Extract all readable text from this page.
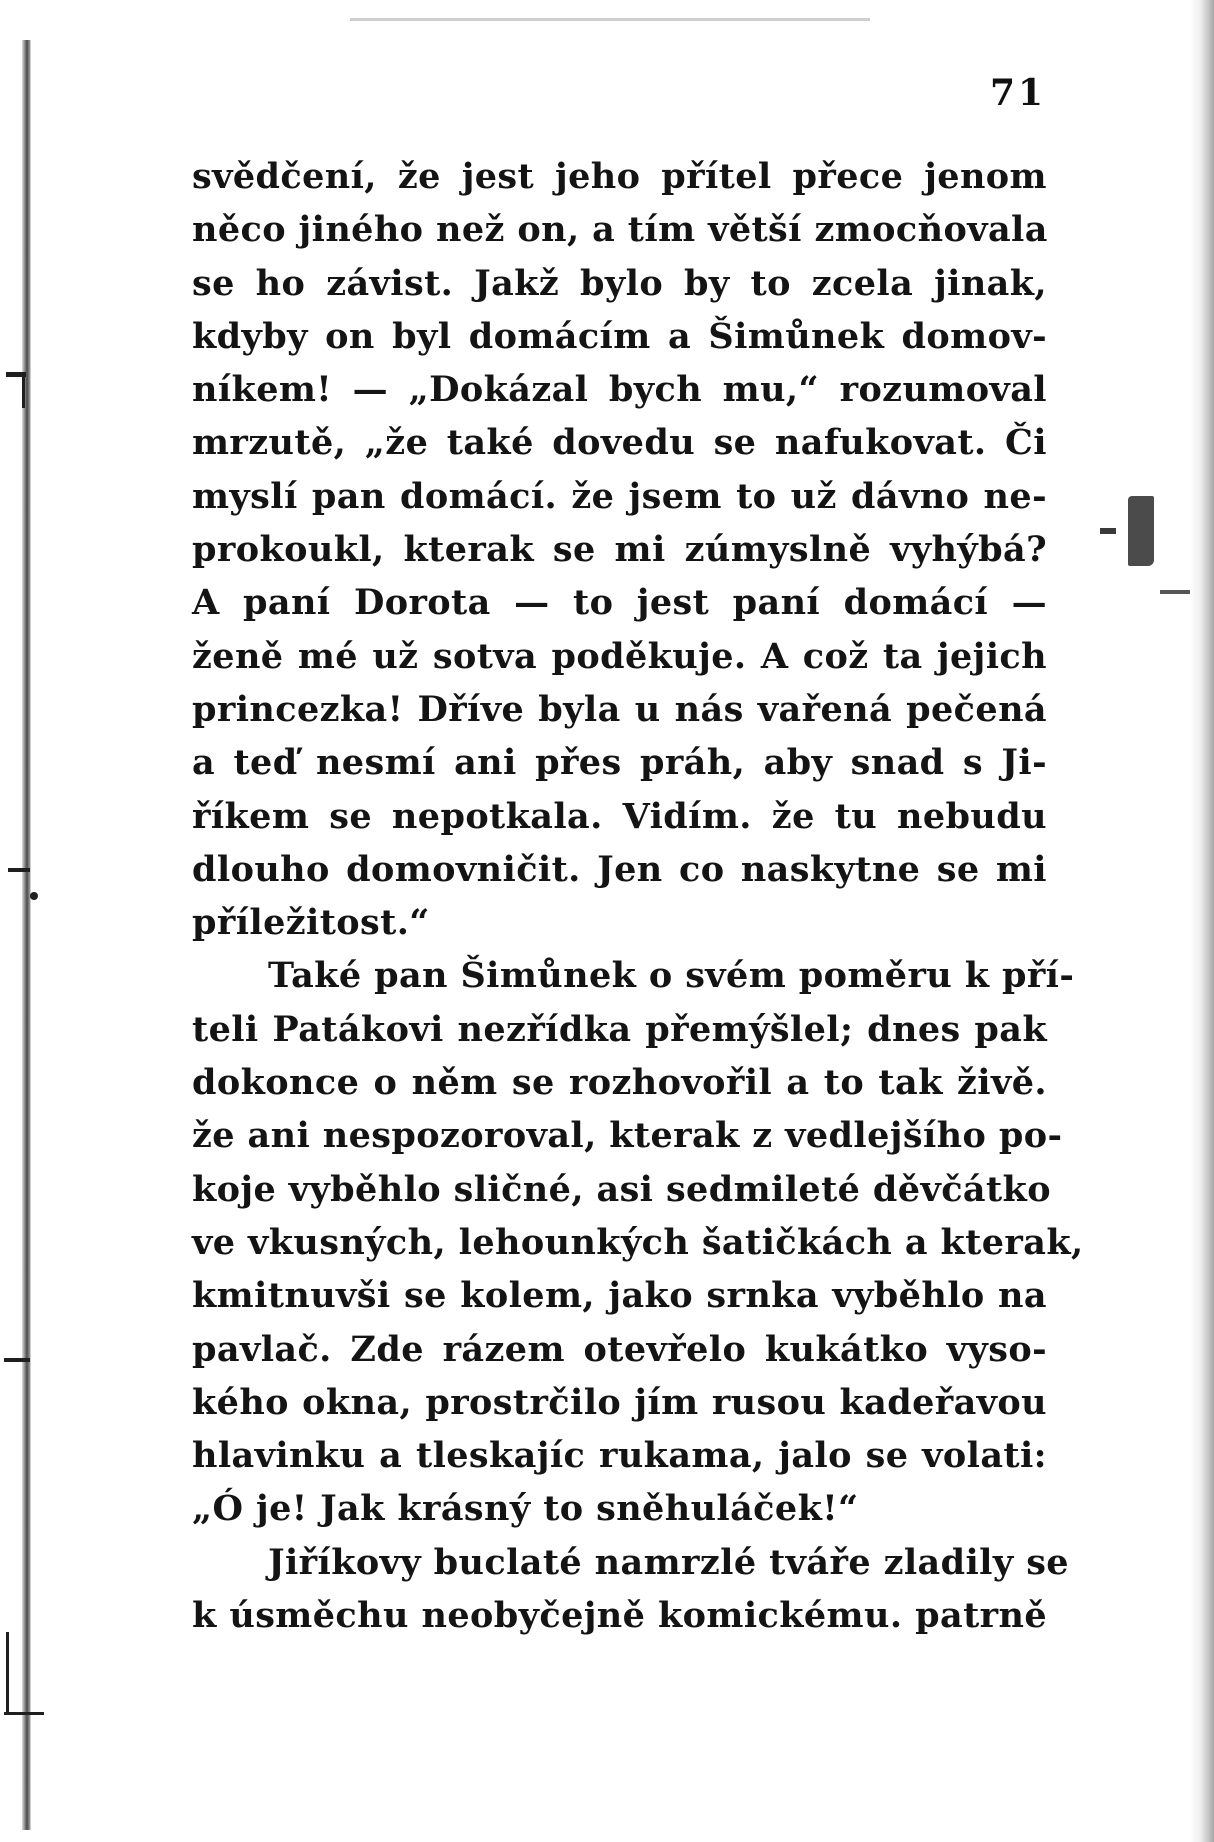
71
svědčení, že jest jeho přítel přece jenom
něco jiného než on, a tím větší zmocňovala
se ho závist. Jakž bylo by to zcela jinak,
kdyby on byl domácím a Šimůnek domov-
níkem! — „Dokázal bych mu,“ rozumoval
mrzutě, „že také dovedu se nafukovat. Či
myslí pan domácí. že jsem to už dávno ne-
prokoukl, kterak se mi zúmyslně vyhýbá?
A paní Dorota — to jest paní domácí —
ženě mé už sotva poděkuje. A což ta jejich
princezka! Dříve byla u nás vařená pečená
a teď nesmí ani přes práh, aby snad s Ji-
říkem se nepotkala. Vidím. že tu nebudu
dlouho domovničit. Jen co naskytne se mi
příležitost.“
Také pan Šimůnek o svém poměru k pří-
teli Patákovi nezřídka přemýšlel; dnes pak
dokonce o něm se rozhovořil a to tak živě.
že ani nespozoroval, kterak z vedlejšího po-
koje vyběhlo sličné, asi sedmileté děvčátko
ve vkusných, lehounkých šatičkách a kterak,
kmitnuvši se kolem, jako srnka vyběhlo na
pavlač. Zde rázem otevřelo kukátko vyso-
kého okna, prostrčilo jím rusou kadeřavou
hlavinku a tleskajíc rukama, jalo se volati:
„Ó je! Jak krásný to sněhuláček!“
Jiříkovy buclaté namrzlé tváře zladily se
k úsměchu neobyčejně komickému. patrně
